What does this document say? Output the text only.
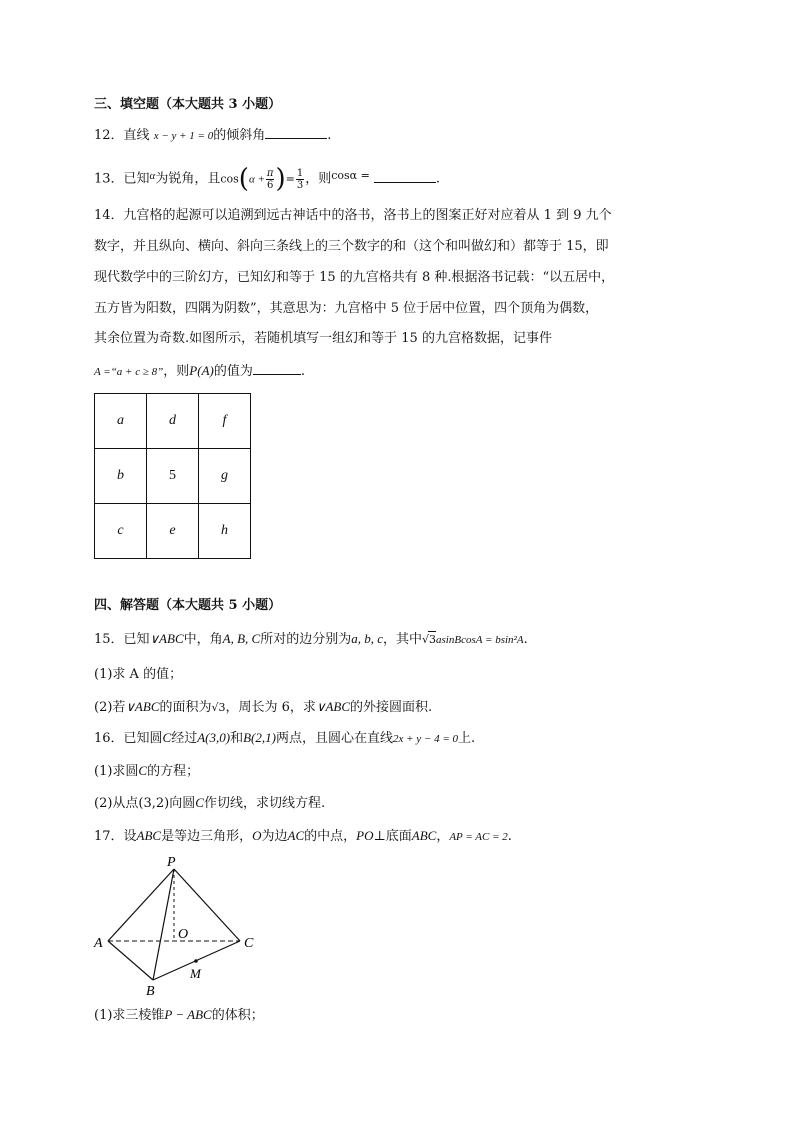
三、填空题（本大题共 3 小题）
12．直线 x − y + 1 = 0的倾斜角	.
13．已知$^\alpha$为锐角，且$\cos(\alpha + \frac{\pi}{6}$ )= $\frac{1}{3}$ ，则$^{cos\alpha =}$	.
14．九宫格的起源可以追溯到远古神话中的洛书，洛书上的图案正好对应着从 1 到 9 九个
数字，并且纵向、横向、斜向三条线上的三个数字的和（这个和叫做幻和）都等于 15，即
现代数学中的三阶幻方，已知幻和等于 15 的九宫格共有 8 种.根据洛书记载：“以五居中，
五方皆为阳数，四隅为阴数”，其意思为：九宫格中 5 位于居中位置，四个顶角为偶数，
其余位置为奇数.如图所示，若随机填写一组幻和等于 15 的九宫格数据，记事件
A =“a + c ≥ 8”，则P(A)的值为	.
a	d	f
b	5	g
c	e	h
四、解答题（本大题共 5 小题）
15．已知∨ABC中，角A, B, C所对的边分别为a, b, c，其中√3asinBcosA = bsin²A.
(1)求 A 的值；
(2)若∨ABC的面积为√3，周长为 6，求∨ABC的外接圆面积.
16．已知圆C经过A(3,0)和B(2,1)两点，且圆心在直线2x + y − 4 = 0上.
(1)求圆C的方程；
(2)从点(3,2)向圆C作切线，求切线方程.
17．设ABC是等边三角形，O为边AC的中点，PO⊥底面ABC，AP = AC = 2.
P
A
B
C
O
M
(1)求三棱锥P − ABC的体积；
